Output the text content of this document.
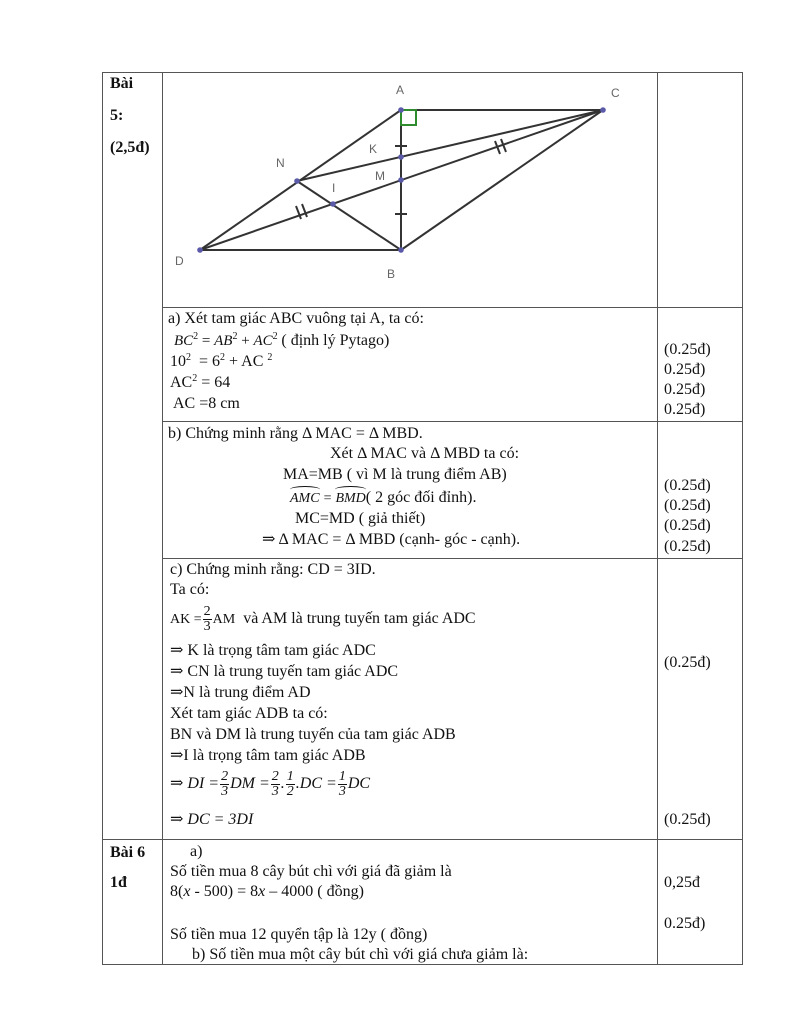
Bài
5:
(2,5đ)
A	C
D
B
N
K
M
I
a) Xét tam giác ABC vuông tại A, ta có:
$BC^2 = AB^2 + AC^2$ ( định lý Pytago)
$10^2 = 6^2$ + AC $^2$
$AC^2 = 64$
AC =8 cm
(0.25đ)
0.25đ)
0.25đ)
0.25đ)
b) Chứng minh rằng Δ MAC = Δ MBD.
Xét Δ MAC và Δ MBD ta có:
MA=MB ( vì M là trung điểm AB)
AMC = BMD( 2 góc đối đỉnh).
MC=MD ( giả thiết)
⇒ Δ MAC = Δ MBD (cạnh- góc - cạnh).
(0.25đ)
(0.25đ)
(0.25đ)
(0.25đ)
c) Chứng minh rằng: CD = 3ID.
Ta có:
AK = $\frac{2}{3}$ AM và AM là trung tuyến tam giác ADC
⇒ K là trọng tâm tam giác ADC
⇒ CN là trung tuyến tam giác ADC
⇒N là trung điểm AD
Xét tam giác ADB ta có:
BN và DM là trung tuyến của tam giác ADB
⇒I là trọng tâm tam giác ADB
⇒ DI = $\frac{2}{3}$ DM = $\frac{2}{3}$ . $\frac{1}{2} .DC = \frac{1}{3}$ DC
⇒ DC = 3DI
(0.25đ)
(0.25đ)
Bài 6
1đ
a)
Số tiền mua 8 cây bút chì với giá đã giảm là
8(x - 500) = 8x – 4000 ( đồng)
Số tiền mua 12 quyển tập là 12y ( đồng)
b) Số tiền mua một cây bút chì với giá chưa giảm là:
0,25đ
0.25đ)
